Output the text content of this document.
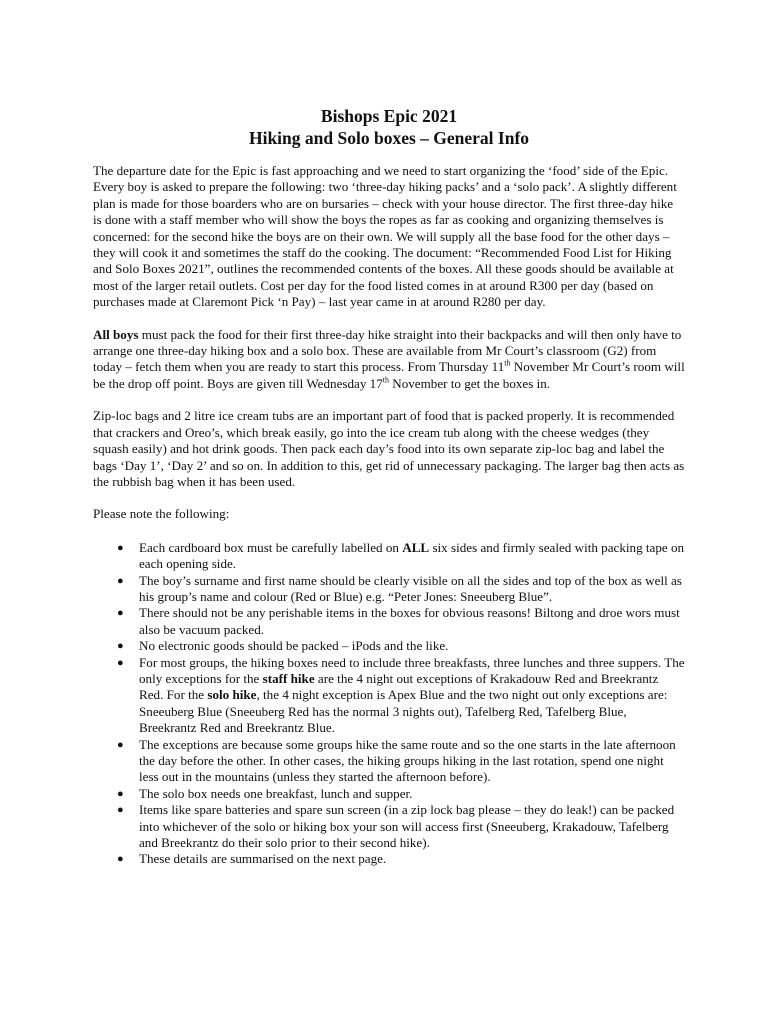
Bishops Epic 2021
Hiking and Solo boxes – General Info

The departure date for the Epic is fast approaching and we need to start organizing the ‘food’ side of the Epic. Every boy is asked to prepare the following: two ‘three-day hiking packs’ and a ‘solo pack’. A slightly different plan is made for those boarders who are on bursaries – check with your house director. The first three-day hike is done with a staff member who will show the boys the ropes as far as cooking and organizing themselves is concerned: for the second hike the boys are on their own. We will supply all the base food for the other days – they will cook it and sometimes the staff do the cooking. The document: “Recommended Food List for Hiking and Solo Boxes 2021”, outlines the recommended contents of the boxes. All these goods should be available at most of the larger retail outlets. Cost per day for the food listed comes in at around R300 per day (based on purchases made at Claremont Pick ‘n Pay) – last year came in at around R280 per day.

All boys must pack the food for their first three-day hike straight into their backpacks and will then only have to arrange one three-day hiking box and a solo box. These are available from Mr Court’s classroom (G2) from today – fetch them when you are ready to start this process. From Thursday 11th November Mr Court’s room will be the drop off point. Boys are given till Wednesday 17th November to get the boxes in.

Zip-loc bags and 2 litre ice cream tubs are an important part of food that is packed properly. It is recommended that crackers and Oreo’s, which break easily, go into the ice cream tub along with the cheese wedges (they squash easily) and hot drink goods. Then pack each day’s food into its own separate zip-loc bag and label the bags ‘Day 1’, ‘Day 2’ and so on. In addition to this, get rid of unnecessary packaging. The larger bag then acts as the rubbish bag when it has been used.

Please note the following:

● Each cardboard box must be carefully labelled on ALL six sides and firmly sealed with packing tape on each opening side.
● The boy’s surname and first name should be clearly visible on all the sides and top of the box as well as his group’s name and colour (Red or Blue) e.g. “Peter Jones: Sneeuberg Blue”.
● There should not be any perishable items in the boxes for obvious reasons! Biltong and droe wors must also be vacuum packed.
● No electronic goods should be packed – iPods and the like.
● For most groups, the hiking boxes need to include three breakfasts, three lunches and three suppers. The only exceptions for the staff hike are the 4 night out exceptions of Krakadouw Red and Breekrantz Red. For the solo hike, the 4 night exception is Apex Blue and the two night out only exceptions are: Sneeuberg Blue (Sneeuberg Red has the normal 3 nights out), Tafelberg Red, Tafelberg Blue, Breekrantz Red and Breekrantz Blue.
● The exceptions are because some groups hike the same route and so the one starts in the late afternoon the day before the other. In other cases, the hiking groups hiking in the last rotation, spend one night less out in the mountains (unless they started the afternoon before).
● The solo box needs one breakfast, lunch and supper.
● Items like spare batteries and spare sun screen (in a zip lock bag please – they do leak!) can be packed into whichever of the solo or hiking box your son will access first (Sneeuberg, Krakadouw, Tafelberg and Breekrantz do their solo prior to their second hike).
● These details are summarised on the next page.
